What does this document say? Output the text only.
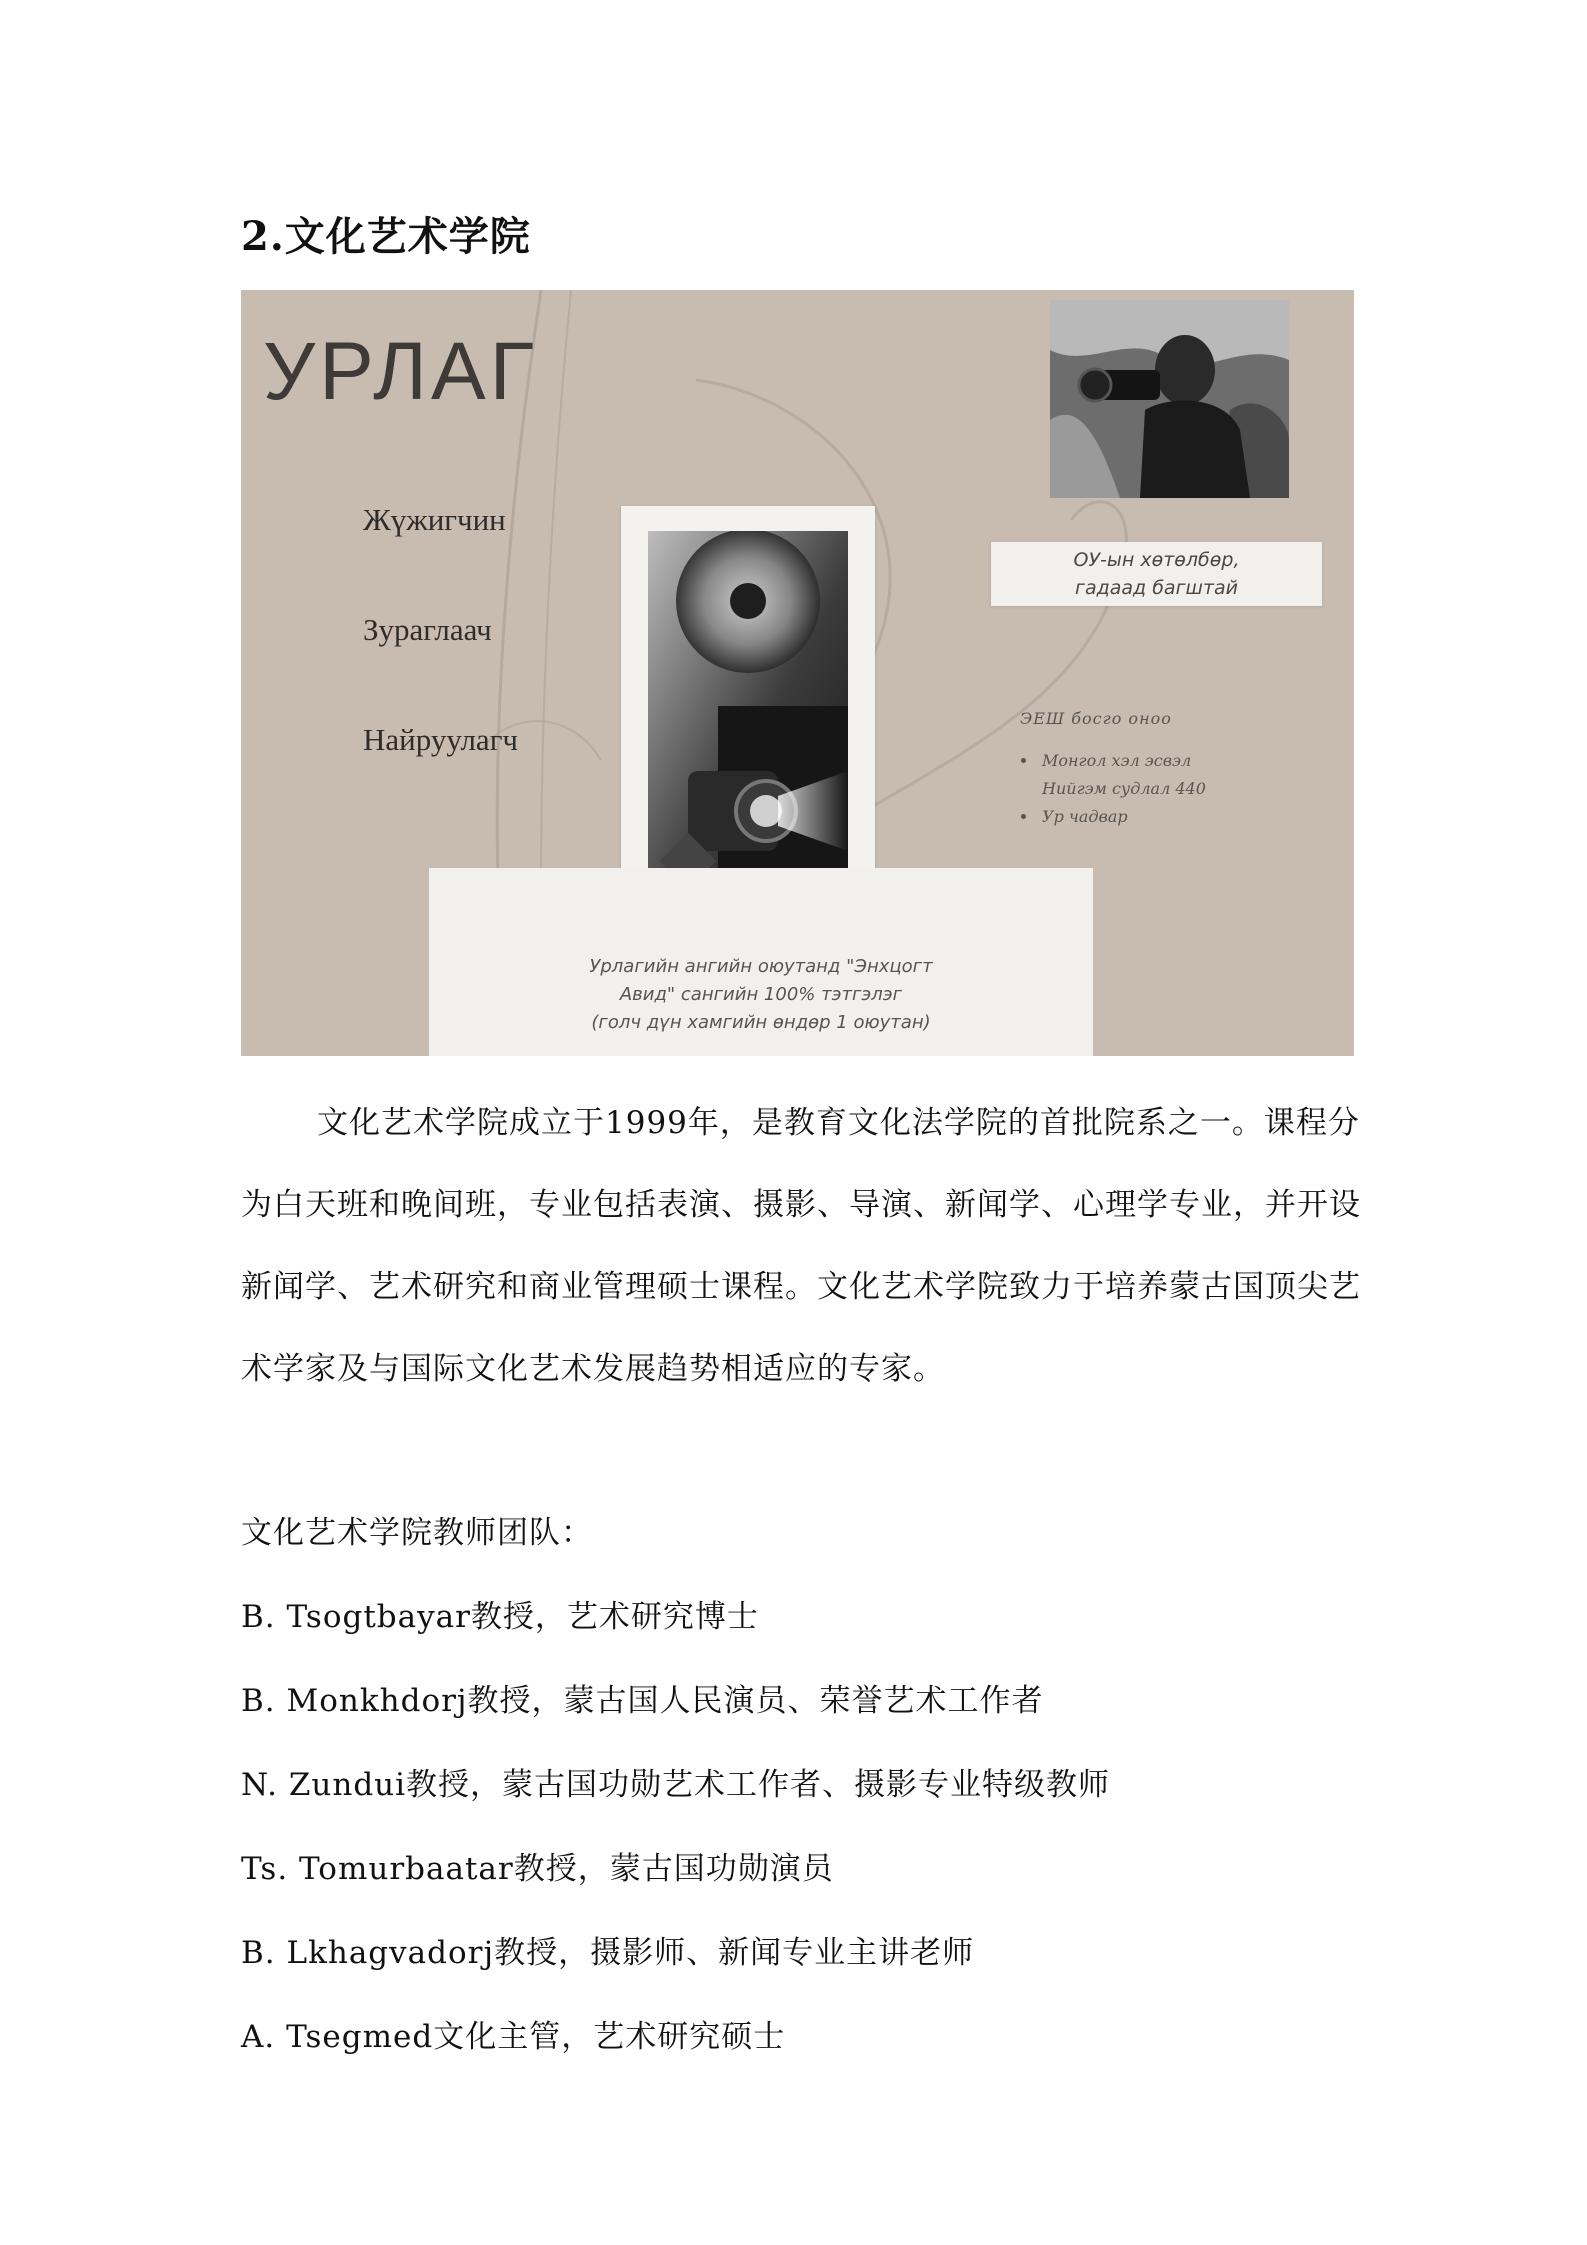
2.文化艺术学院
УРЛАГ
Жүжигчин
Зураглаач
Найруулагч
ОУ-ын хөтөлбөр,
гадаад багштай

ЭЕШ босго оноо

• Монгол хэл эсвэл
Нийгэм судлал 440
• Ур чадвар

Урлагийн ангийн оюутанд "Энхцогт
Авид" сангийн 100% тэтгэлэг
(голч дүн хамгийн өндөр 1 оюутан)

文化艺术学院成立于1999年，是教育文化法学院的首批院系之一。课程分为白天班和晚间班，专业包括表演、摄影、导演、新闻学、心理学专业，并开设新闻学、艺术研究和商业管理硕士课程。文化艺术学院致力于培养蒙古国顶尖艺术学家及与国际文化艺术发展趋势相适应的专家。

文化艺术学院教师团队：

B. Tsogtbayar教授，艺术研究博士
B. Monkhdorj教授，蒙古国人民演员、荣誉艺术工作者
N. Zundui教授，蒙古国功勋艺术工作者、摄影专业特级教师
Ts. Tomurbaatar教授，蒙古国功勋演员
B. Lkhagvadorj教授，摄影师、新闻专业主讲老师
A. Tsegmed文化主管，艺术研究硕士
